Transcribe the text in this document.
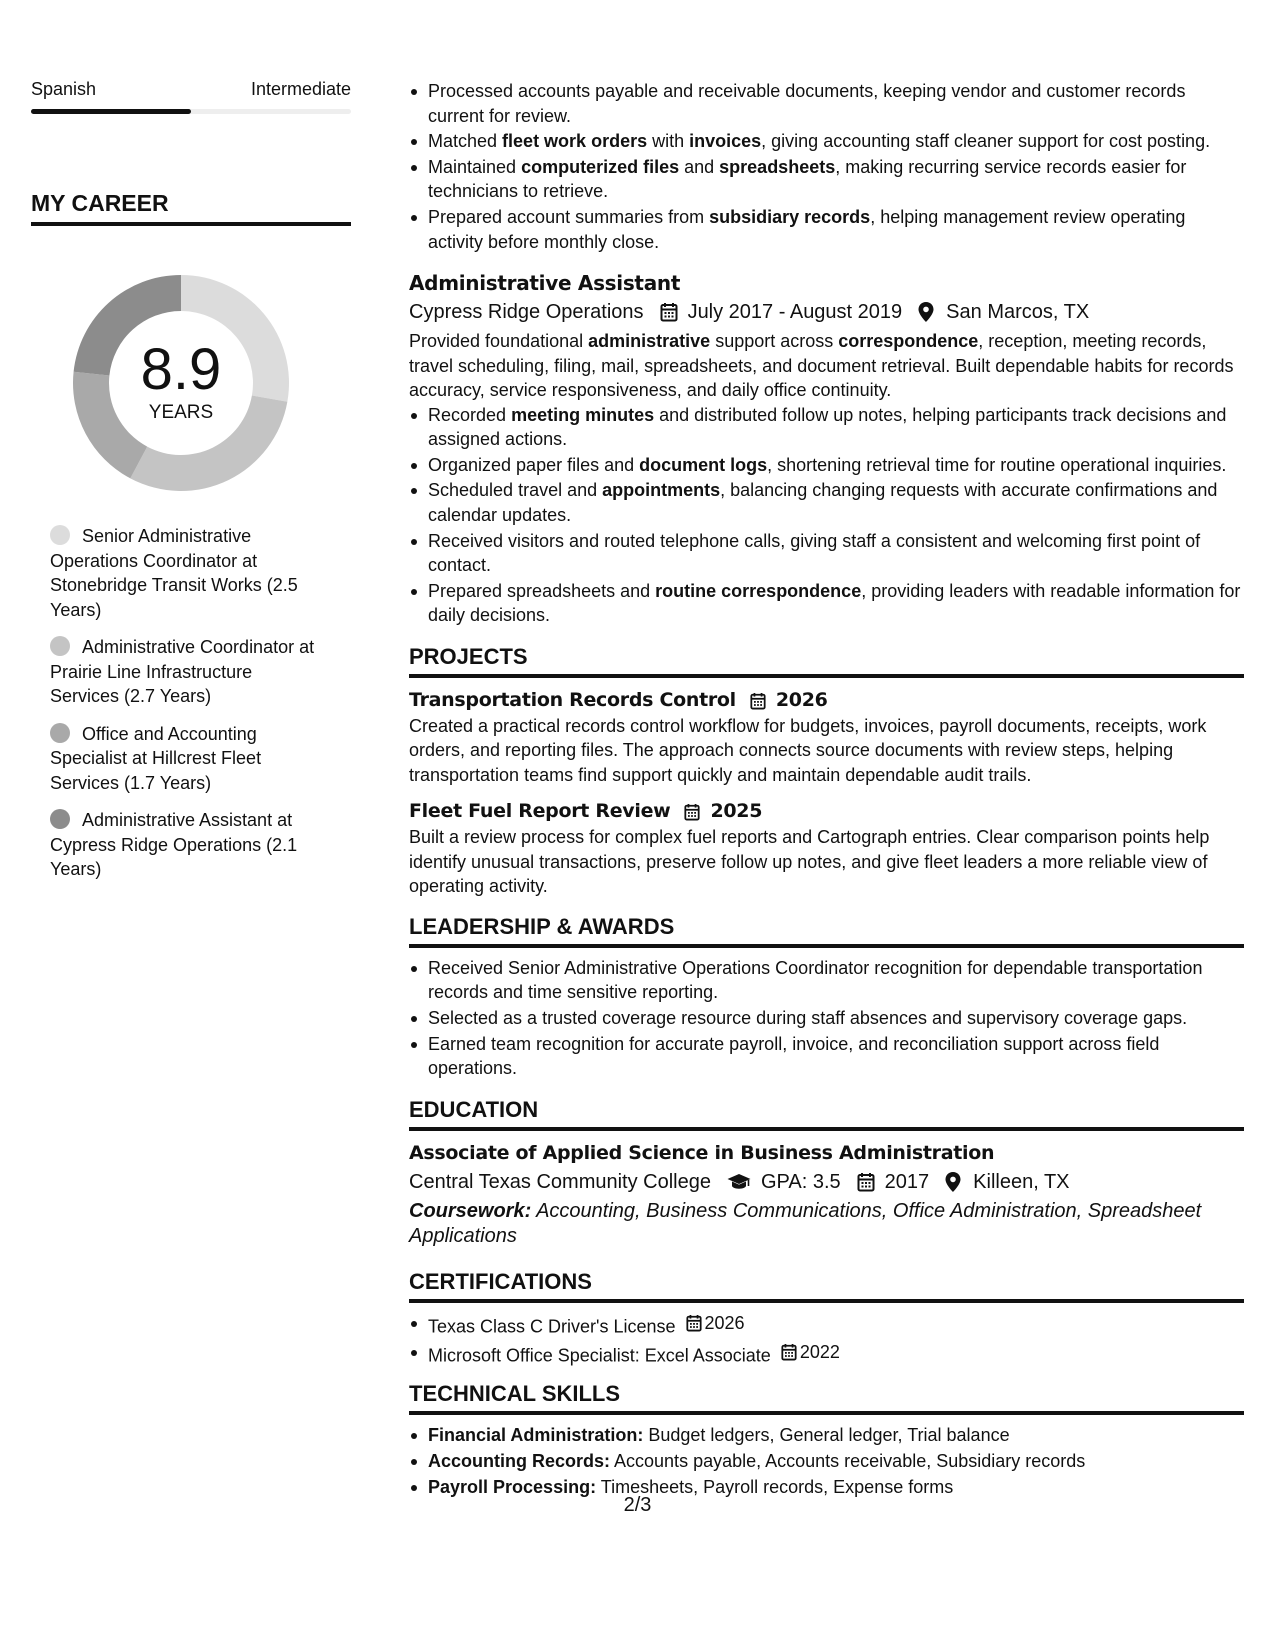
Spanish	Intermediate
MY CAREER
8.9
YEARS
Senior Administrative Operations Coordinator at Stonebridge Transit Works (2.5 Years)
Administrative Coordinator at Prairie Line Infrastructure Services (2.7 Years)
Office and Accounting Specialist at Hillcrest Fleet Services (1.7 Years)
Administrative Assistant at Cypress Ridge Operations (2.1 Years)
Processed accounts payable and receivable documents, keeping vendor and customer records current for review.
Matched fleet work orders with invoices, giving accounting staff cleaner support for cost posting.
Maintained computerized files and spreadsheets, making recurring service records easier for technicians to retrieve.
Prepared account summaries from subsidiary records, helping management review operating activity before monthly close.
Administrative Assistant
Cypress Ridge Operations July 2017 - August 2019 San Marcos, TX
Provided foundational administrative support across correspondence, reception, meeting records, travel scheduling, filing, mail, spreadsheets, and document retrieval. Built dependable habits for records accuracy, service responsiveness, and daily office continuity.
Recorded meeting minutes and distributed follow up notes, helping participants track decisions and assigned actions.
Organized paper files and document logs, shortening retrieval time for routine operational inquiries.
Scheduled travel and appointments, balancing changing requests with accurate confirmations and calendar updates.
Received visitors and routed telephone calls, giving staff a consistent and welcoming first point of contact.
Prepared spreadsheets and routine correspondence, providing leaders with readable information for daily decisions.
PROJECTS
Transportation Records Control 2026
Created a practical records control workflow for budgets, invoices, payroll documents, receipts, work orders, and reporting files. The approach connects source documents with review steps, helping transportation teams find support quickly and maintain dependable audit trails.
Fleet Fuel Report Review 2025
Built a review process for complex fuel reports and Cartograph entries. Clear comparison points help identify unusual transactions, preserve follow up notes, and give fleet leaders a more reliable view of operating activity.
LEADERSHIP & AWARDS
Received Senior Administrative Operations Coordinator recognition for dependable transportation records and time sensitive reporting.
Selected as a trusted coverage resource during staff absences and supervisory coverage gaps.
Earned team recognition for accurate payroll, invoice, and reconciliation support across field operations.
EDUCATION
Associate of Applied Science in Business Administration
Central Texas Community College	GPA: 3.5 2017 Killeen, TX
Coursework: Accounting, Business Communications, Office Administration, Spreadsheet Applications
CERTIFICATIONS
Texas Class C Driver's License 2026
Microsoft Office Specialist: Excel Associate 2022
TECHNICAL SKILLS
Financial Administration: Budget ledgers, General ledger, Trial balance
Accounting Records: Accounts payable, Accounts receivable, Subsidiary records
Payroll Processing: Timesheets, Payroll records, Expense forms
2/3
